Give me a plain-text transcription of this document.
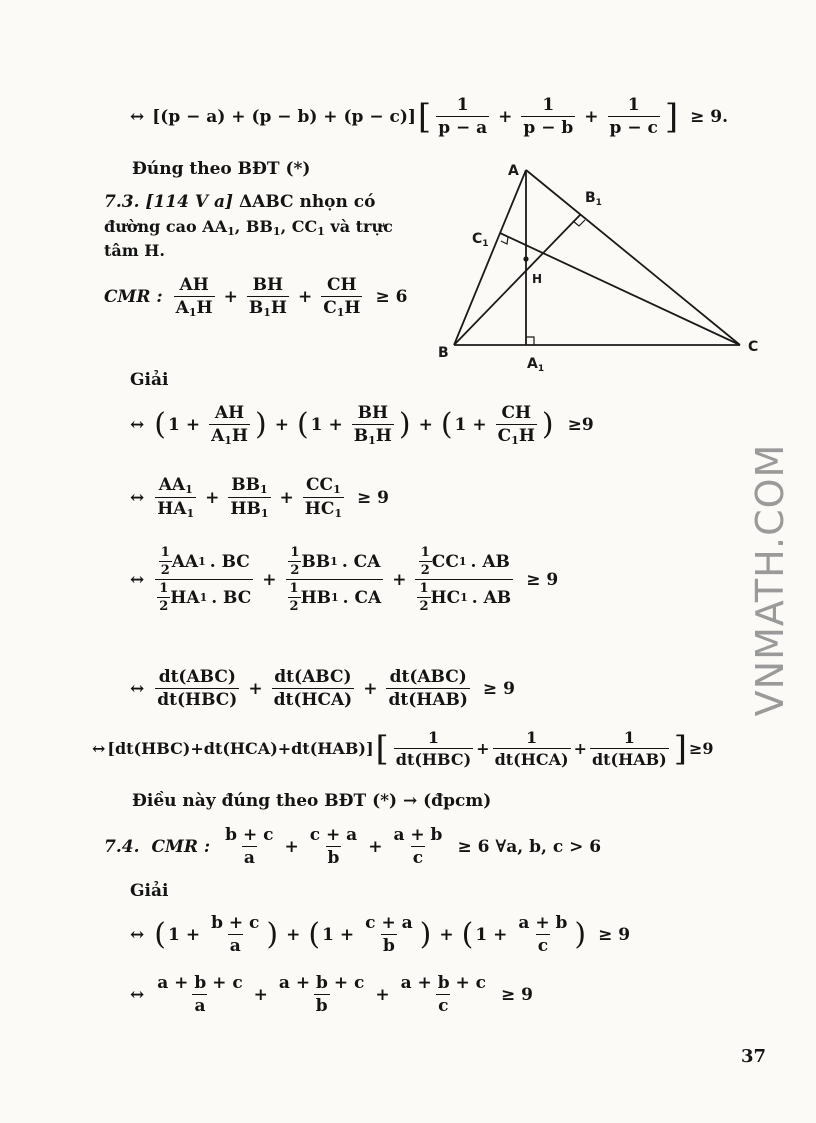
↔ [(p − a) + (p − b) + (p − c)] [ $\frac{1}{p - a} + \frac{1}{p - b} + \frac{1}{p - c}$ ] ≥ 9.
Đúng theo BĐT (*)
7.3. [114 V a] ΔABC nhọn có
đường cao AA1, BB1, CC1 và trực
tâm H.
CMR : $\frac{AH}{A1H} + \frac{BH}{B1H} + \frac{CH}{C1H} \ge 6$
A
B	C
H
$A_1$
$B_1$
$C_1$
Giải
↔ ( $1 + \frac{AH}{A1H}$ ) + ( $1 + \frac{BH}{B1H}$ ) + ( $1 + \frac{CH}{C1H}$ ) ≥9
↔ $\frac{AA1}{HA1} + \frac{BB1}{HB1} + \frac{CC1}{HC1} \ge 9$
↔ $\frac{\frac{1}{2} AA 1 . BC}{\frac{1}{2} HA 1 . BC} + \frac{\frac{1}{2} BB 1 . CA}{\frac{1}{2} HB 1 . CA} + \frac{\frac{1}{2} CC 1 . AB}{\frac{1}{2} HC 1 . AB} \ge 9$
↔ $\frac{\text{dt(ABC)}}{\text{dt(HBC)}} + \frac{\text{dt(ABC)}}{\text{dt(HCA)}} + \frac{\text{dt(ABC)}}{\text{dt(HAB)}} \ge 9$
↔ [dt(HBC)+dt(HCA)+dt(HAB)] [ $\frac{1}{\text{dt(HBC)}} + \frac{1}{\text{dt(HCA)}} + \frac{1}{\text{dt(HAB)}}$ ] ≥9
Điều này đúng theo BĐT (*) → (đpcm)
7.4. CMR : $\frac{b + c}{a} + \frac{c + a}{b} + \frac{a + b}{c} \ge 6$ ∀a, b, c > 6
Giải
↔ ( $1 + \frac{b + c}{a}$ ) + ( $1 + \frac{c + a}{b}$ ) + ( $1 + \frac{a + b}{c}$ ) ≥ 9
↔ $\frac{a + b + c}{a} + \frac{a + b + c}{b} + \frac{a + b + c}{c} \ge 9$
VNMATH.COM
37
